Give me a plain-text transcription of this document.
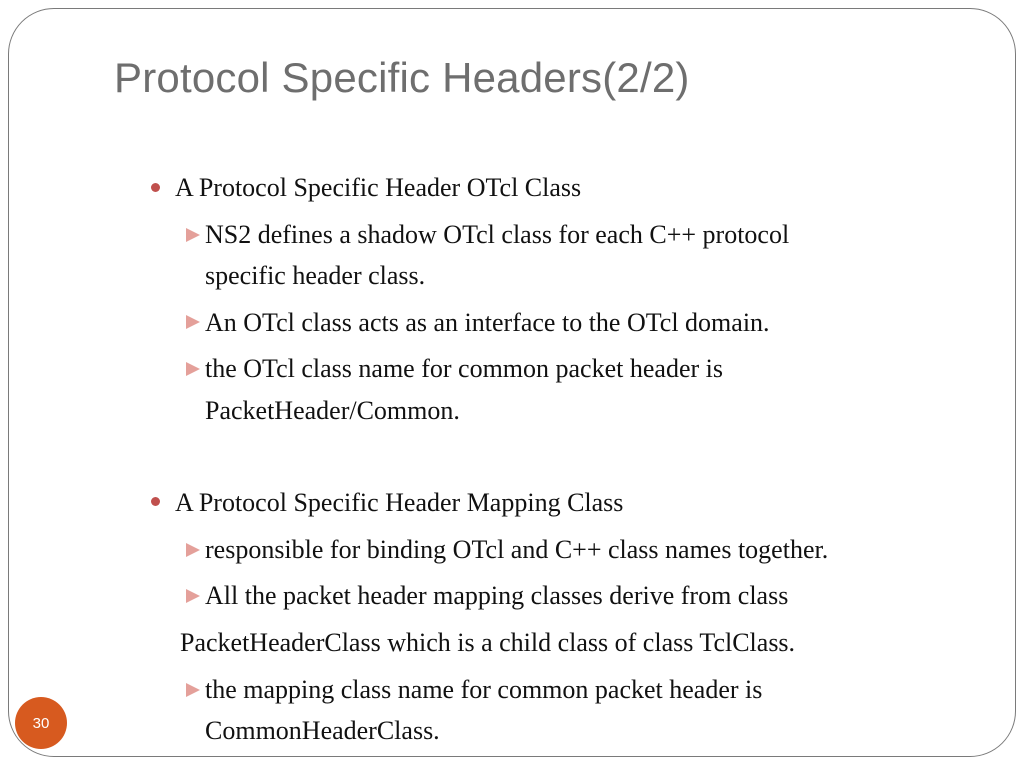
Protocol Specific Headers(2/2)
A Protocol Specific Header OTcl Class
NS2 defines a shadow OTcl class for each C++ protocol
specific header class.
An OTcl class acts as an interface to the OTcl domain.
the OTcl class name for common packet header is
PacketHeader/Common.
A Protocol Specific Header Mapping Class
responsible for binding OTcl and C++ class names together.
All the packet header mapping classes derive from class
PacketHeaderClass which is a child class of class TclClass.
the mapping class name for common packet header is
CommonHeaderClass.
30
